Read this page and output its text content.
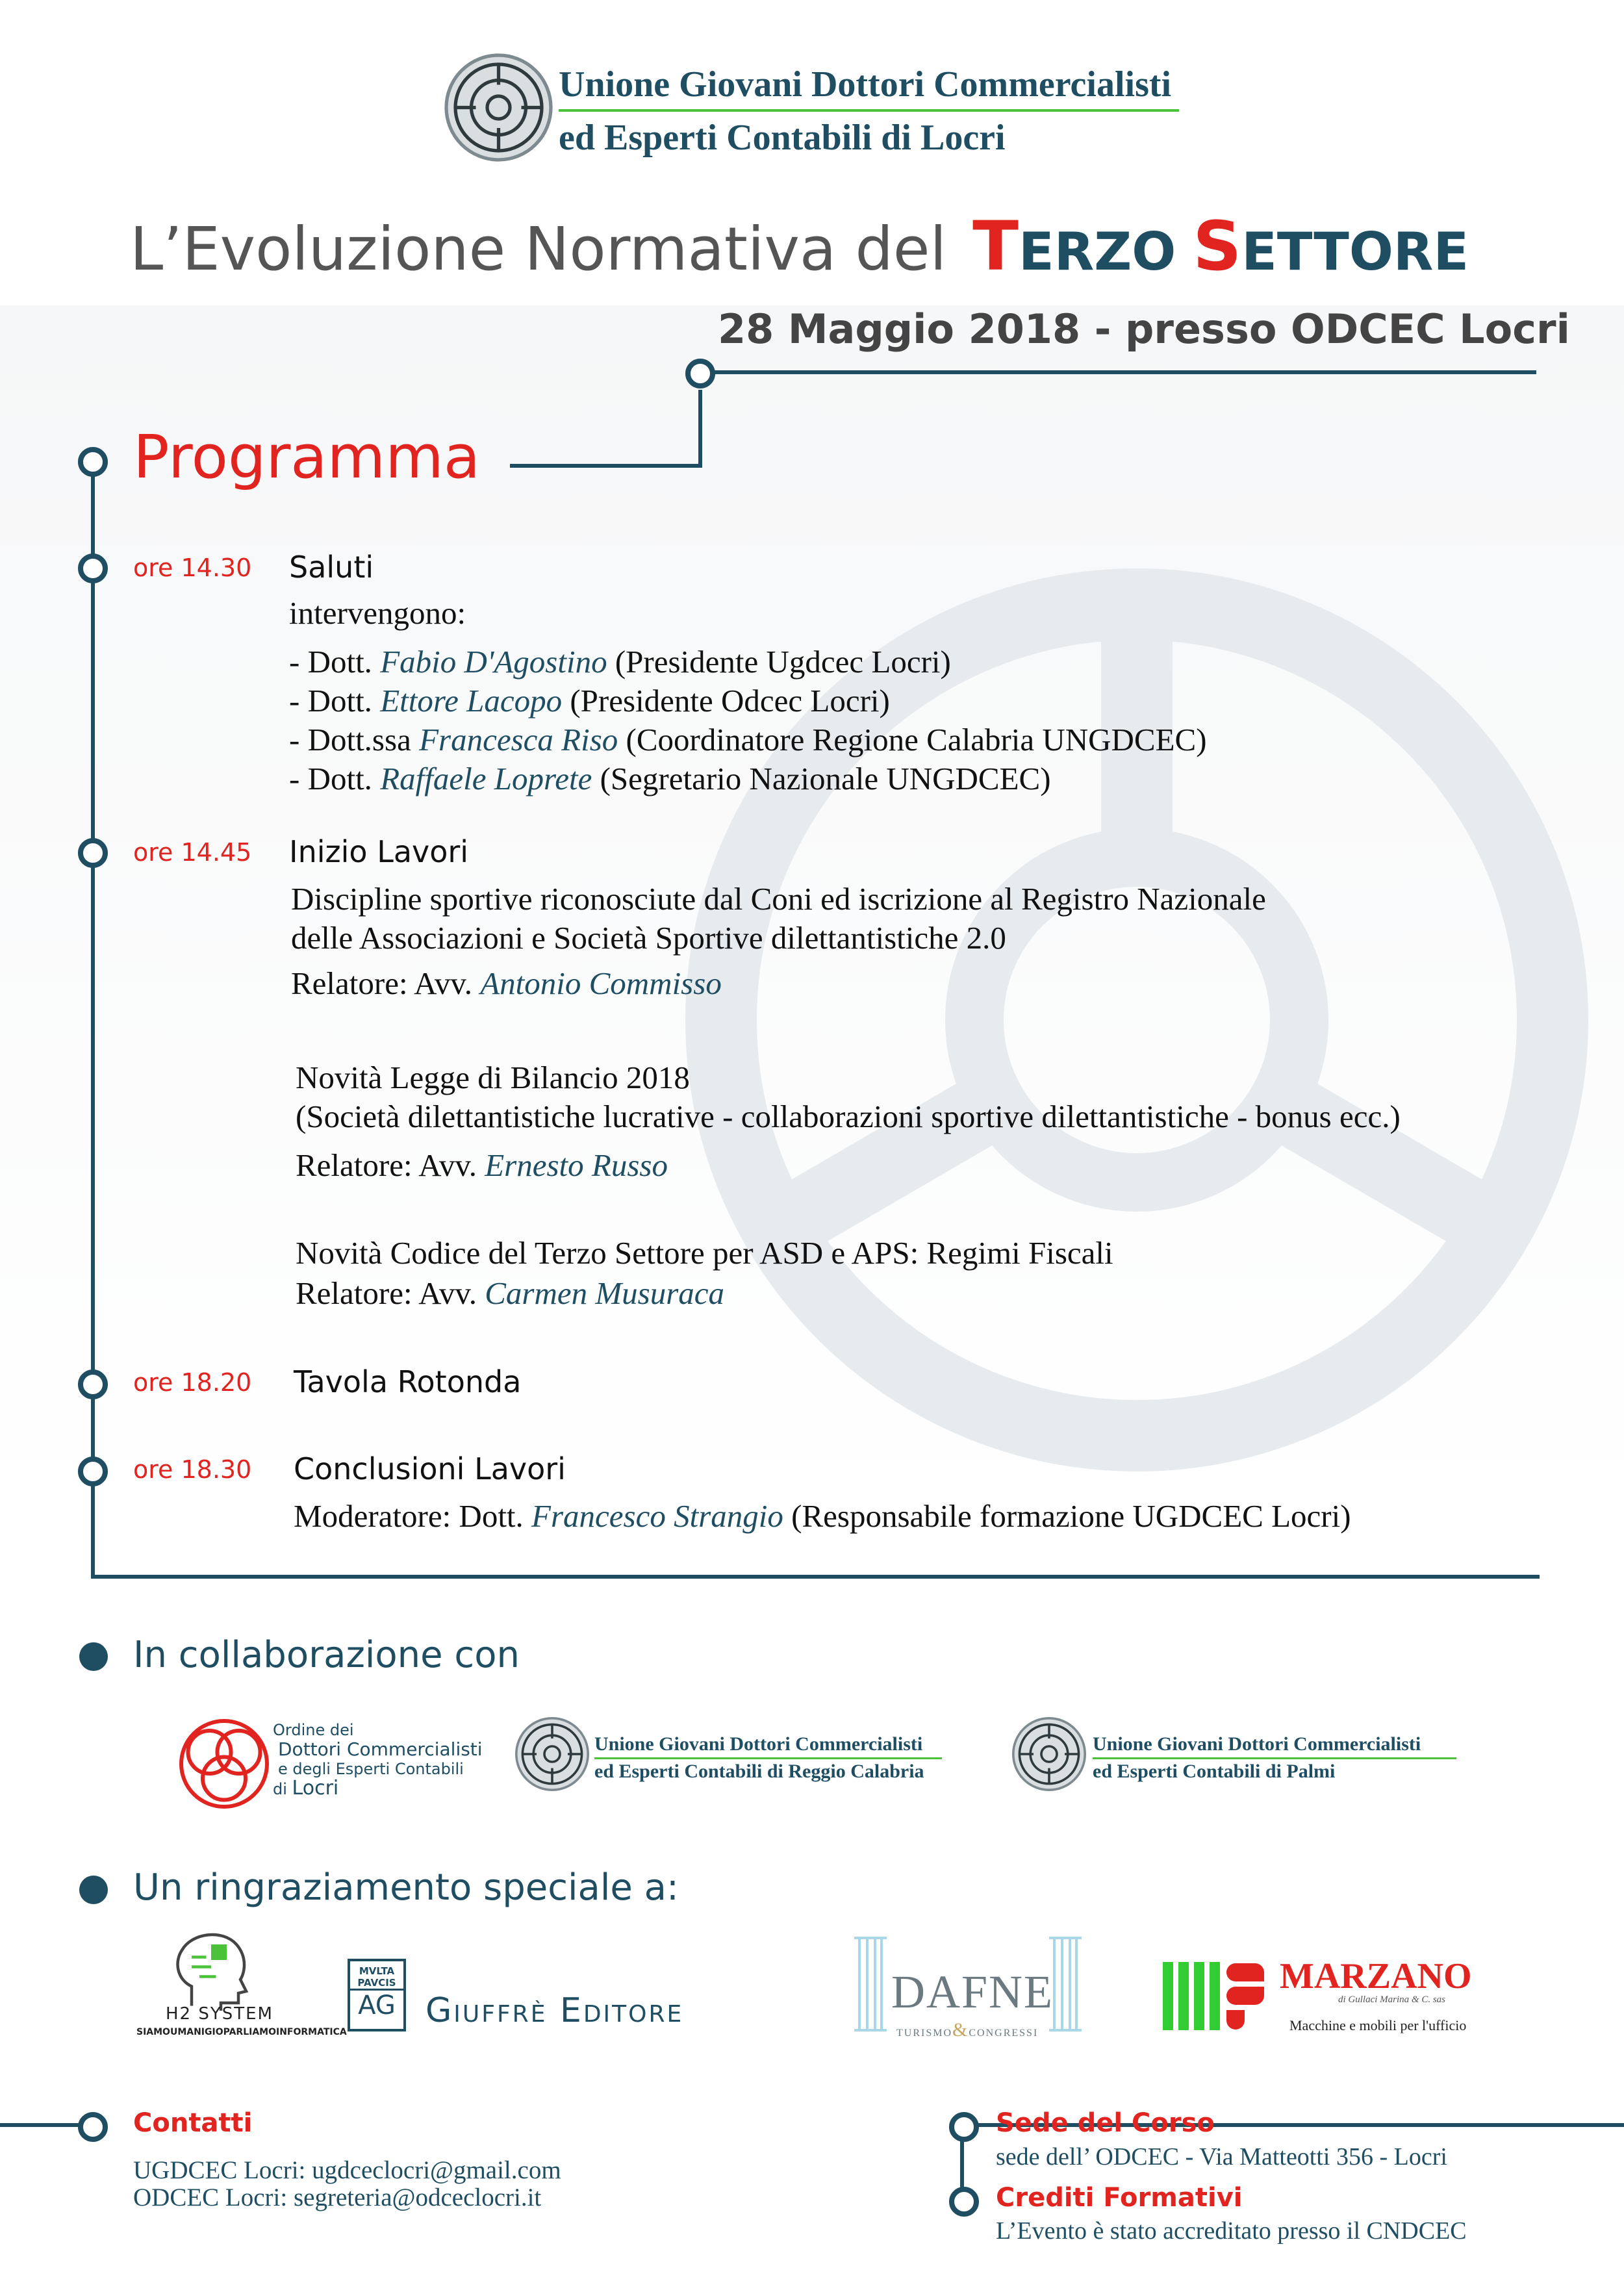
Unione Giovani Dottori Commercialisti
ed Esperti Contabili di Locri
L’Evoluzione Normativa del TERZO SETTORE
28 Maggio 2018 - presso ODCEC Locri
Programma
ore 14.30 Saluti
intervengono:
- Dott. Fabio D'Agostino (Presidente Ugdcec Locri)
- Dott. Ettore Lacopo (Presidente Odcec Locri)
- Dott.ssa Francesca Riso (Coordinatore Regione Calabria UNGDCEC)
- Dott. Raffaele Loprete (Segretario Nazionale UNGDCEC)
ore 14.45 Inizio Lavori
Discipline sportive riconosciute dal Coni ed iscrizione al Registro Nazionale
delle Associazioni e Società Sportive dilettantistiche 2.0
Relatore: Avv. Antonio Commisso
Novità Legge di Bilancio 2018
(Società dilettantistiche lucrative - collaborazioni sportive dilettantistiche - bonus ecc.)
Relatore: Avv. Ernesto Russo
Novità Codice del Terzo Settore per ASD e APS: Regimi Fiscali
Relatore: Avv. Carmen Musuraca
ore 18.20 Tavola Rotonda
ore 18.30 Conclusioni Lavori
Moderatore: Dott. Francesco Strangio (Responsabile formazione UGDCEC Locri)
In collaborazione con
Ordine dei
Dottori Commercialisti
e degli Esperti Contabili
di Locri
Unione Giovani Dottori Commercialisti
ed Esperti Contabili di Reggio Calabria
Unione Giovani Dottori Commercialisti
ed Esperti Contabili di Palmi
Un ringraziamento speciale a:
H2 SYSTEM
SIAMOUMANIGIOPARLIAMOINFORMATICA
MVLTA
PAVCIS
AG Giuffrè Editore	DAFNE
TURISMO&CONGRESSI
MARZANO
di Gullaci Marina & C. sas
Macchine e mobili per l'ufficio
Contatti
UGDCEC Locri: ugdceclocri@gmail.com
ODCEC Locri: segreteria@odceclocri.it
Sede del Corso
sede dell’ ODCEC - Via Matteotti 356 - Locri
Crediti Formativi
L’Evento è stato accreditato presso il CNDCEC
